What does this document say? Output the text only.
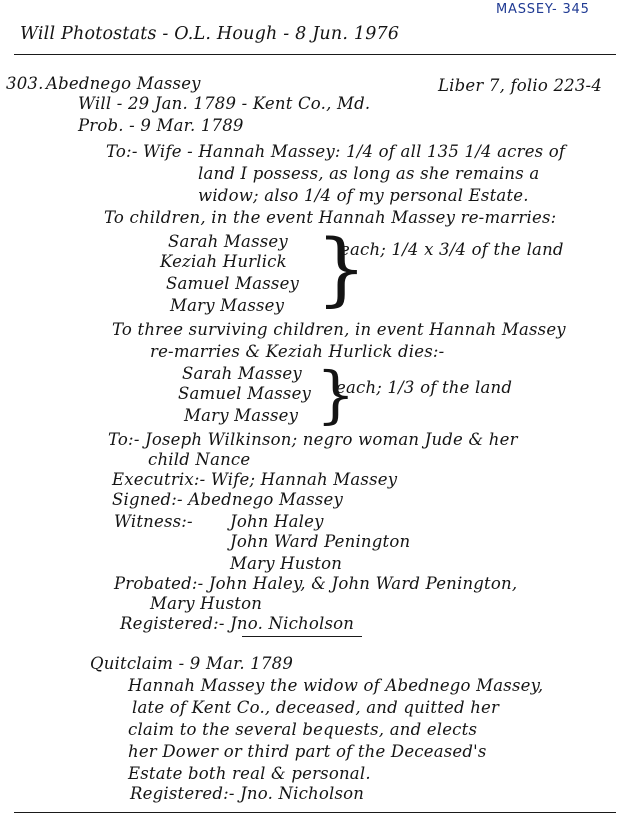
MASSEY- 345
Will Photostats - O.L. Hough - 8 Jun. 1976
303. Abednego Massey	Liber 7, folio 223-4
Will - 29 Jan. 1789 - Kent Co., Md.
Prob. - 9 Mar. 1789
To:- Wife - Hannah Massey: 1/4 of all 135 1/4 acres of
land I possess, as long as she remains a
widow; also 1/4 of my personal Estate.
To children, in the event Hannah Massey re-marries:
Sarah Massey
Keziah Hurlick
Samuel Massey
Mary Massey }
each; 1/4 x 3/4 of the land
To three surviving children, in event Hannah Massey
re-marries & Keziah Hurlick dies:-
Sarah Massey
Samuel Massey
Mary Massey }
each; 1/3 of the land
To:- Joseph Wilkinson; negro woman Jude & her
child Nance
Executrix:- Wife; Hannah Massey
Signed:- Abednego Massey
Witness:- John Haley
John Ward Penington
Mary Huston
Probated:- John Haley, & John Ward Penington,
Mary Huston
Registered:- Jno. Nicholson
Quitclaim - 9 Mar. 1789
Hannah Massey the widow of Abednego Massey,
late of Kent Co., deceased, and quitted her
claim to the several bequests, and elects
her Dower or third part of the Deceased's
Estate both real & personal.
Registered:- Jno. Nicholson
